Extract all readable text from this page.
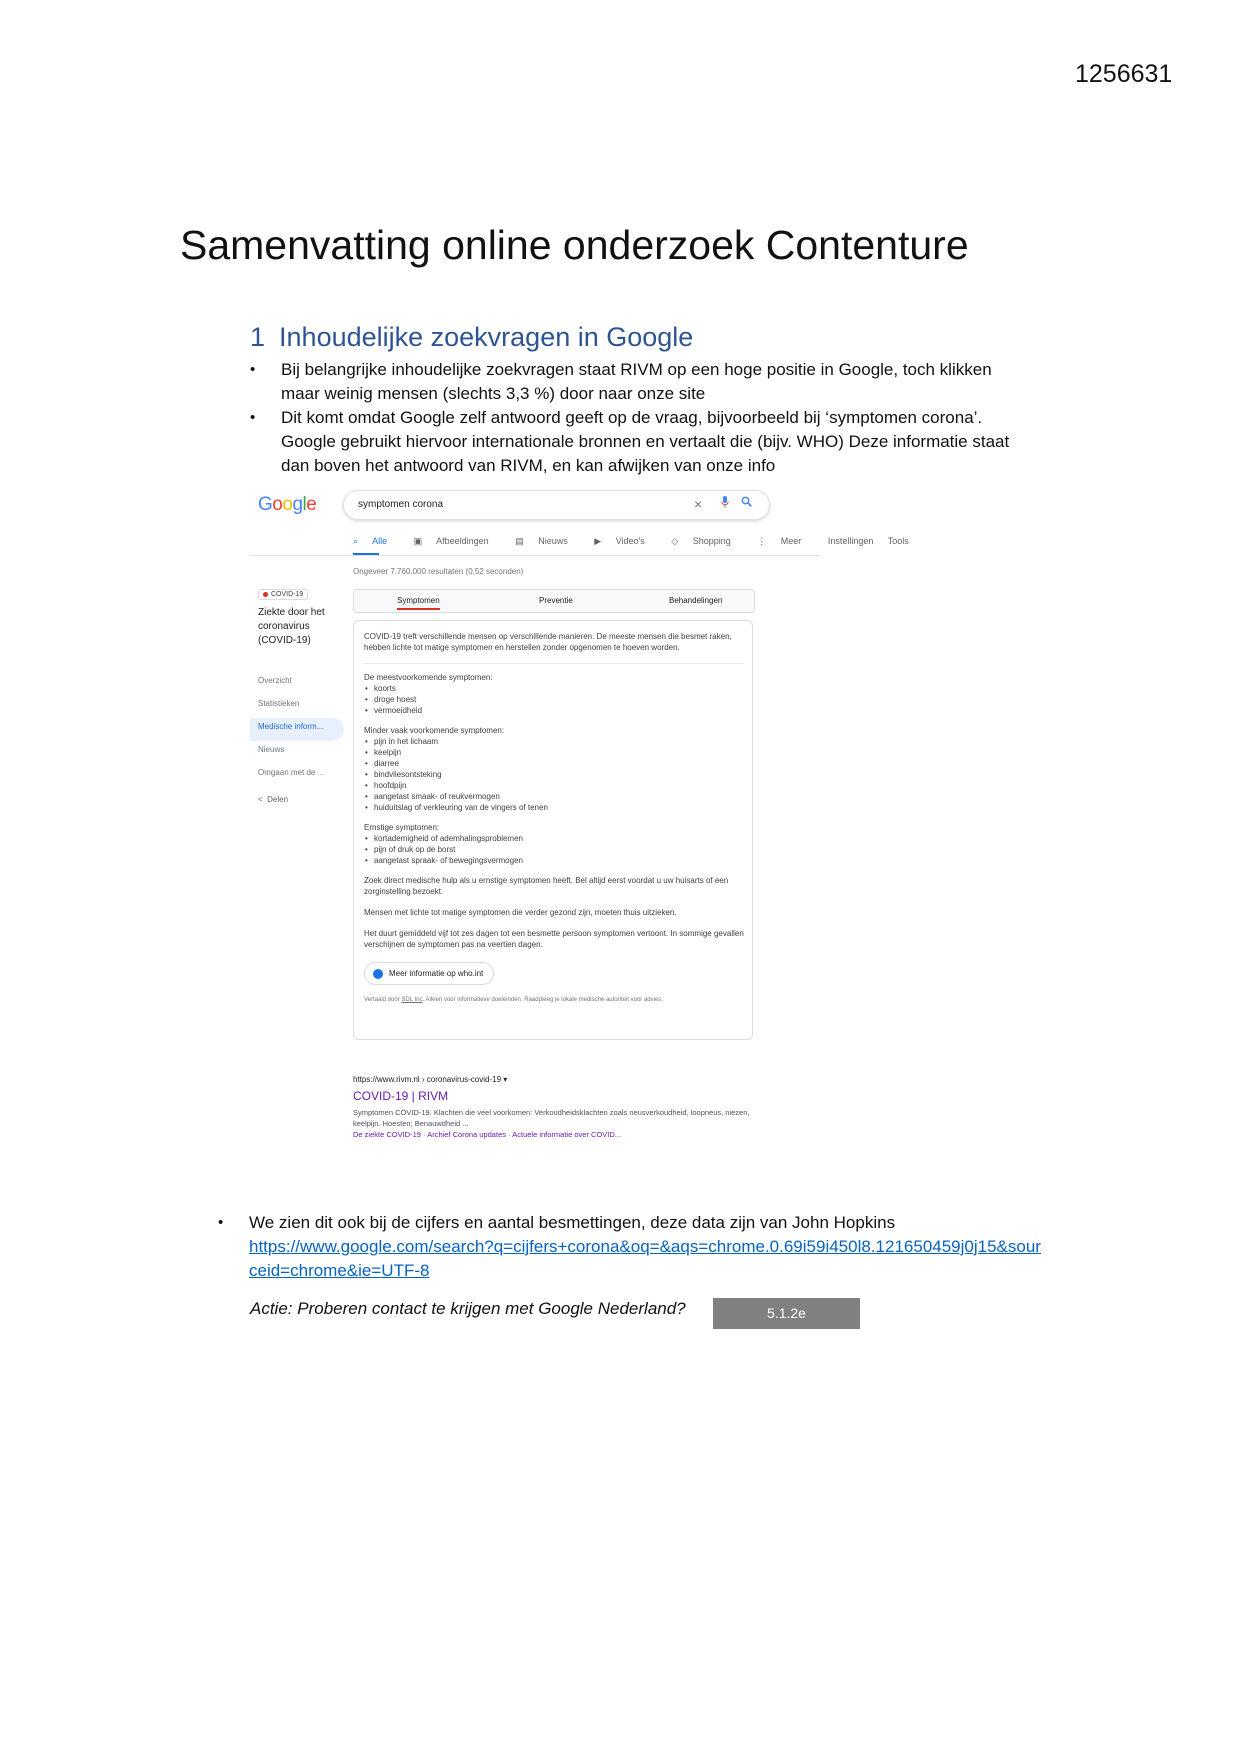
1256631
Samenvatting online onderzoek Contenture
1 Inhoudelijke zoekvragen in Google
• Bij belangrijke inhoudelijke zoekvragen staat RIVM op een hoge positie in Google, toch klikken maar weinig mensen (slechts 3,3 %) door naar onze site
• Dit komt omdat Google zelf antwoord geeft op de vraag, bijvoorbeeld bij ‘symptomen corona’. Google gebruikt hiervoor internationale bronnen en vertaalt die (bijv. WHO) Deze informatie staat dan boven het antwoord van RIVM, en kan afwijken van onze info
Google	symptomen corona	×
⌕ Alle	▣ Afbeeldingen	▤ Nieuws	▶ Video's	◇ Shopping	⋮ Meer	Instellingen Tools
Ongeveer 7.760.000 resultaten (0,52 seconden)
COVID-19
Ziekte door het coronavirus (COVID-19)
Overzicht
Statistieken
Medische inform...
Nieuws
Omgaan met de ...
< Delen
Symptomen	Preventie	Behandelingen

COVID-19 treft verschillende mensen op verschillende manieren. De meeste mensen die besmet raken, hebben lichte tot matige symptomen en herstellen zonder opgenomen te hoeven worden.

De meestvoorkomende symptomen:
• koorts
• droge hoest
• vermoeidheid
Minder vaak voorkomende symptomen:
• pijn in het lichaam
• keelpijn
• diarree
• bindvliesontsteking
• hoofdpijn
• aangetast smaak- of reukvermogen
• huiduitslag of verkleuring van de vingers of tenen
Ernstige symptomen:
• kortademigheid of ademhalingsproblemen
• pijn of druk op de borst
• aangetast spraak- of bewegingsvermogen

Zoek direct medische hulp als u ernstige symptomen heeft. Bel altijd eerst voordat u uw huisarts of een zorginstelling bezoekt.

Mensen met lichte tot matige symptomen die verder gezond zijn, moeten thuis uitzieken.

Het duurt gemiddeld vijf tot zes dagen tot een besmette persoon symptomen vertoont. In sommige gevallen verschijnen de symptomen pas na veertien dagen.

Meer informatie op who.int
Vertaald door SDL Inc. Alleen voor informatieve doeleinden. Raadpleeg je lokale medische autoriteit voor advies.
https://www.rivm.nl › coronavirus-covid-19 ▾
COVID-19 | RIVM
Symptomen COVID-19. Klachten die veel voorkomen: Verkoudheidsklachten zoals neusverkoudheid, loopneus, niezen, keelpijn. Hoesten; Benauwdheid ...
De ziekte COVID-19 · Archief Corona updates · Actuele informatie over COVID...
• We zien dit ook bij de cijfers en aantal besmettingen, deze data zijn van John Hopkins
https://www.google.com/search?q=cijfers+corona&oq=&aqs=chrome.0.69i59i450l8.121650459j0j15&sourceid=chrome&ie=UTF-8
Actie: Proberen contact te krijgen met Google Nederland?	5.1.2e
